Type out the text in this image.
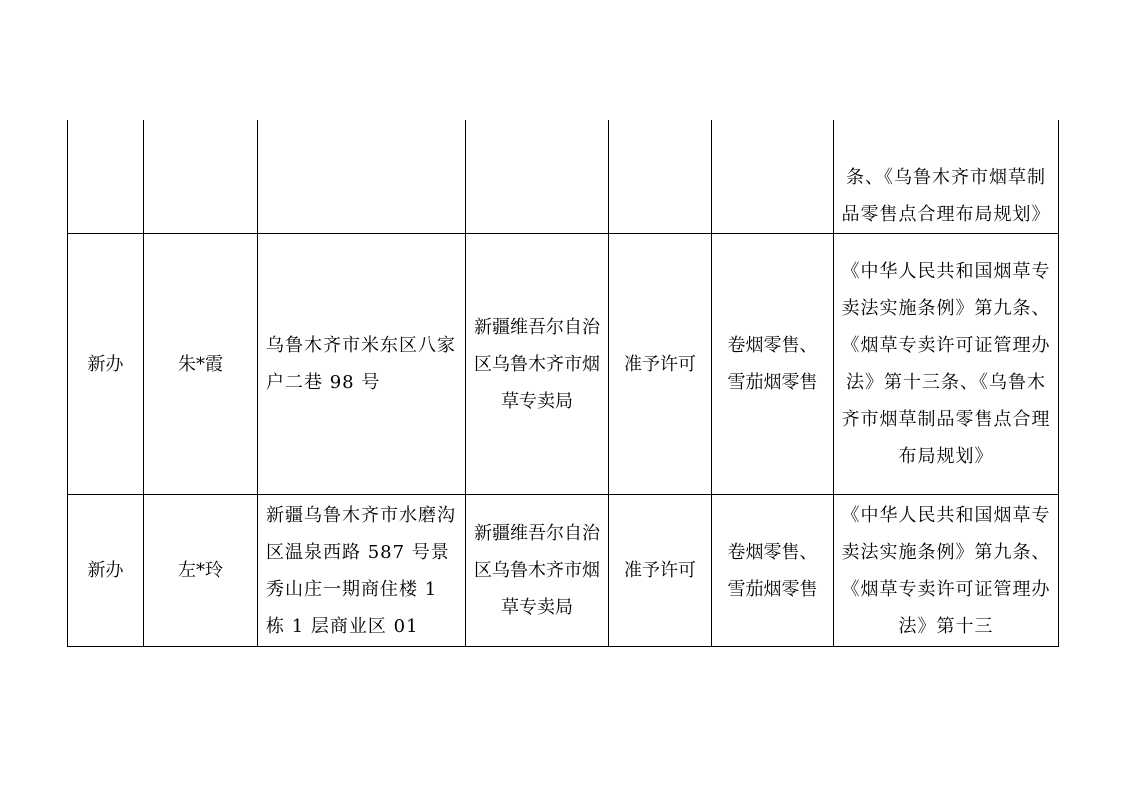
						条、《乌鲁木齐市烟草制品零售点合理布局规划》
新办	朱*霞	乌鲁木齐市米东区八家户二巷 98 号	新疆维吾尔自治区乌鲁木齐市烟草专卖局	准予许可	卷烟零售、雪茄烟零售	《中华人民共和国烟草专卖法实施条例》第九条、《烟草专卖许可证管理办法》第十三条、《乌鲁木齐市烟草制品零售点合理布局规划》
新办	左*玲	新疆乌鲁木齐市水磨沟区温泉西路 587 号景秀山庄一期商住楼 1 栋 1 层商业区 01	新疆维吾尔自治区乌鲁木齐市烟草专卖局	准予许可	卷烟零售、雪茄烟零售	《中华人民共和国烟草专卖法实施条例》第九条、《烟草专卖许可证管理办法》第十三
